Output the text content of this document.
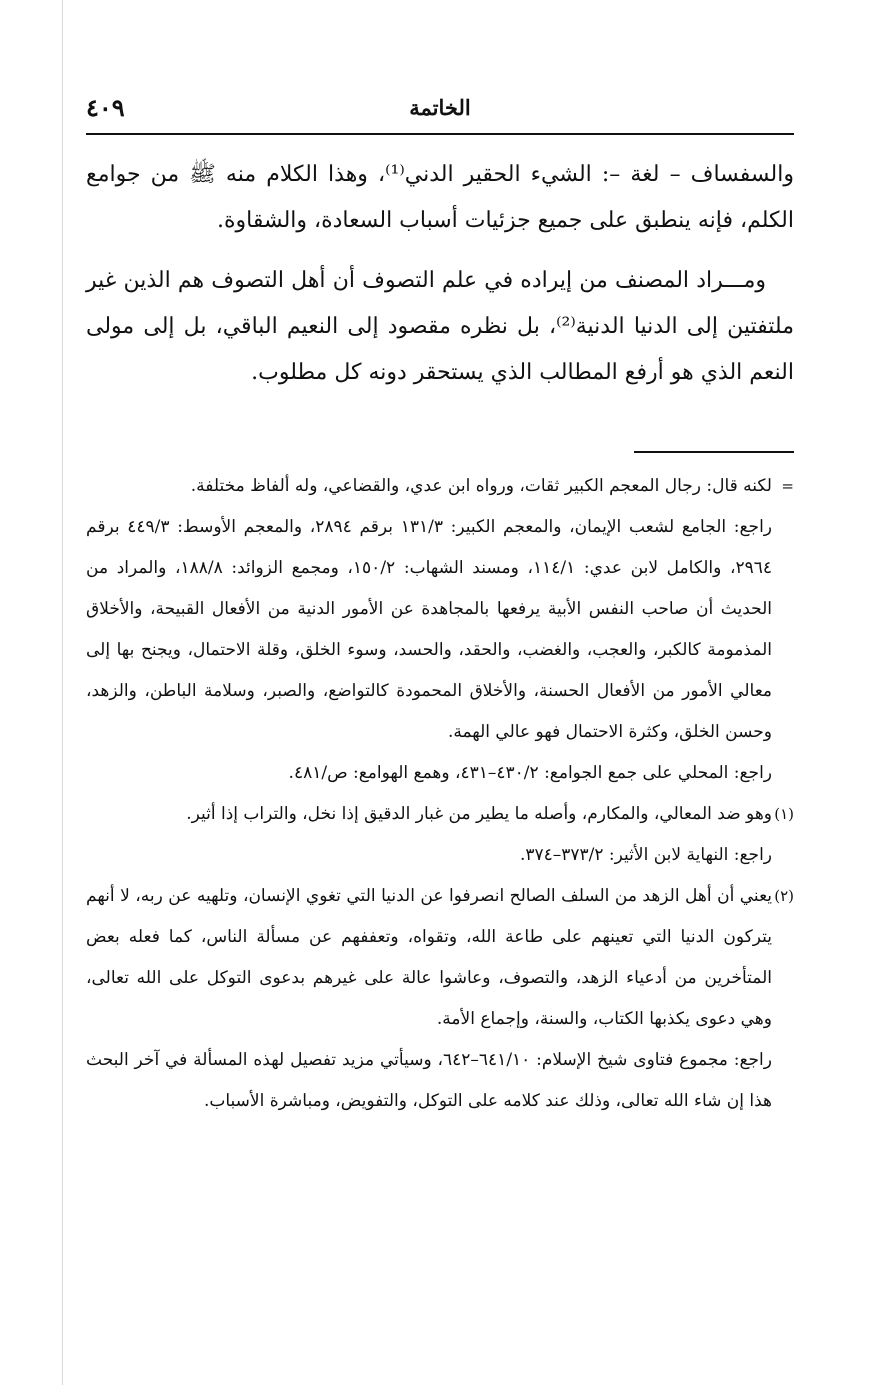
الخاتمة
٤٠٩

والسفساف – لغة –: الشيء الحقير الدني⁽¹⁾، وهذا الكلام منه ﷺ من جوامع الكلم، فإنه ينطبق على جميع جزئيات أسباب السعادة، والشقاوة.

ومـــراد المصنف من إيراده في علم التصوف أن أهل التصوف هم الذين غير ملتفتين إلى الدنيا الدنية⁽²⁾، بل نظره مقصود إلى النعيم الباقي، بل إلى مولى النعم الذي هو أرفع المطالب الذي يستحقر دونه كل مطلوب.

=
لكنه قال: رجال المعجم الكبير ثقات، ورواه ابن عدي، والقضاعي، وله ألفاظ مختلفة.
راجع: الجامع لشعب الإيمان، والمعجم الكبير: ١٣١/٣ برقم ٢٨٩٤، والمعجم الأوسط: ٤٤٩/٣ برقم ٢٩٦٤، والكامل لابن عدي: ١١٤/١، ومسند الشهاب: ١٥٠/٢، ومجمع الزوائد: ١٨٨/٨، والمراد من الحديث أن صاحب النفس الأبية يرفعها بالمجاهدة عن الأمور الدنية من الأفعال القبيحة، والأخلاق المذمومة كالكبر، والعجب، والغضب، والحقد، والحسد، وسوء الخلق، وقلة الاحتمال، ويجنح بها إلى معالي الأمور من الأفعال الحسنة، والأخلاق المحمودة كالتواضع، والصبر، وسلامة الباطن، والزهد، وحسن الخلق، وكثرة الاحتمال فهو عالي الهمة.
راجع: المحلي على جمع الجوامع: ٤٣٠/٢–٤٣١، وهمع الهوامع: ص/٤٨١.
(١)
وهو ضد المعالي، والمكارم، وأصله ما يطير من غبار الدقيق إذا نخل، والتراب إذا أثير.
راجع: النهاية لابن الأثير: ٣٧٣/٢–٣٧٤.
(٢)
يعني أن أهل الزهد من السلف الصالح انصرفوا عن الدنيا التي تغوي الإنسان، وتلهيه عن ربه، لا أنهم يتركون الدنيا التي تعينهم على طاعة الله، وتقواه، وتعففهم عن مسألة الناس، كما فعله بعض المتأخرين من أدعياء الزهد، والتصوف، وعاشوا عالة على غيرهم بدعوى التوكل على الله تعالى، وهي دعوى يكذبها الكتاب، والسنة، وإجماع الأمة.
راجع: مجموع فتاوى شيخ الإسلام: ٦٤١/١٠–٦٤٢، وسيأتي مزيد تفصيل لهذه المسألة في آخر البحث هذا إن شاء الله تعالى، وذلك عند كلامه على التوكل، والتفويض، ومباشرة الأسباب.
